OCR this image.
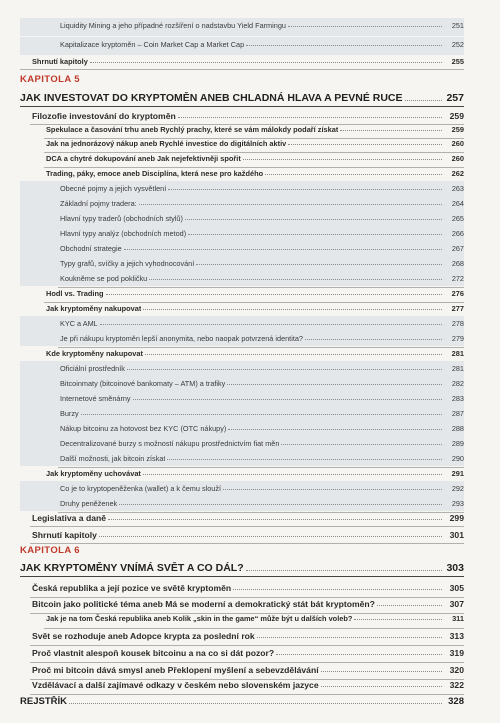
Liquidity Mining a jeho případné rozšíření o nadstavbu Yield Farmingu	251
Kapitalizace kryptoměn – Coin Market Cap a Market Cap	252
Shrnutí kapitoly	255
KAPITOLA 5
JAK INVESTOVAT DO KRYPTOMĚN ANEB CHLADNÁ HLAVA A PEVNÉ RUCE	257
Filozofie investování do kryptoměn	259
Spekulace a časování trhu aneb Rychlý prachy, které se vám málokdy podaří získat	259
Jak na jednorázový nákup aneb Rychlé investice do digitálních aktiv	260
DCA a chytré dokupování aneb Jak nejefektivněji spořit	260
Trading, páky, emoce aneb Disciplína, která nese pro každého	262
Obecné pojmy a jejich vysvětlení	263
Základní pojmy tradera:	264
Hlavní typy traderů (obchodních stylů)	265
Hlavní typy analýz (obchodních metod)	266
Obchodní strategie	267
Typy grafů, svíčky a jejich vyhodnocování	268
Koukněme se pod pokličku	272
Hodl vs. Trading	276
Jak kryptoměny nakupovat	277
KYC a AML	278
Je při nákupu kryptoměn lepší anonymita, nebo naopak potvrzená identita?	279
Kde kryptoměny nakupovat	281
Oficiální prostředník	281
Bitcoinmaty (bitcoinové bankomaty – ATM) a trafiky	282
Internetové směnárny	283
Burzy	287
Nákup bitcoinu za hotovost bez KYC (OTC nákupy)	288
Decentralizované burzy s možností nákupu prostřednictvím fiat měn	289
Další možnosti, jak bitcoin získat	290
Jak kryptoměny uchovávat	291
Co je to kryptopeněženka (wallet) a k čemu slouží	292
Druhy peněženek	293
Legislativa a daně	299
Shrnutí kapitoly	301
KAPITOLA 6
JAK KRYPTOMĚNY VNÍMÁ SVĚT A CO DÁL?	303
Česká republika a její pozice ve světě kryptoměn	305
Bitcoin jako politické téma aneb Má se moderní a demokratický stát bát kryptoměn?	307
Jak je na tom Česká republika aneb Kolik „skin in the game“ může být u dalších voleb?	311
Svět se rozhoduje aneb Adopce krypta za poslední rok	313
Proč vlastnit alespoň kousek bitcoinu a na co si dát pozor?	319
Proč mi bitcoin dává smysl aneb Překlopení myšlení a sebevzdělávání	320
Vzdělávací a další zajímavé odkazy v českém nebo slovenském jazyce	322
REJSTŘÍK	328
